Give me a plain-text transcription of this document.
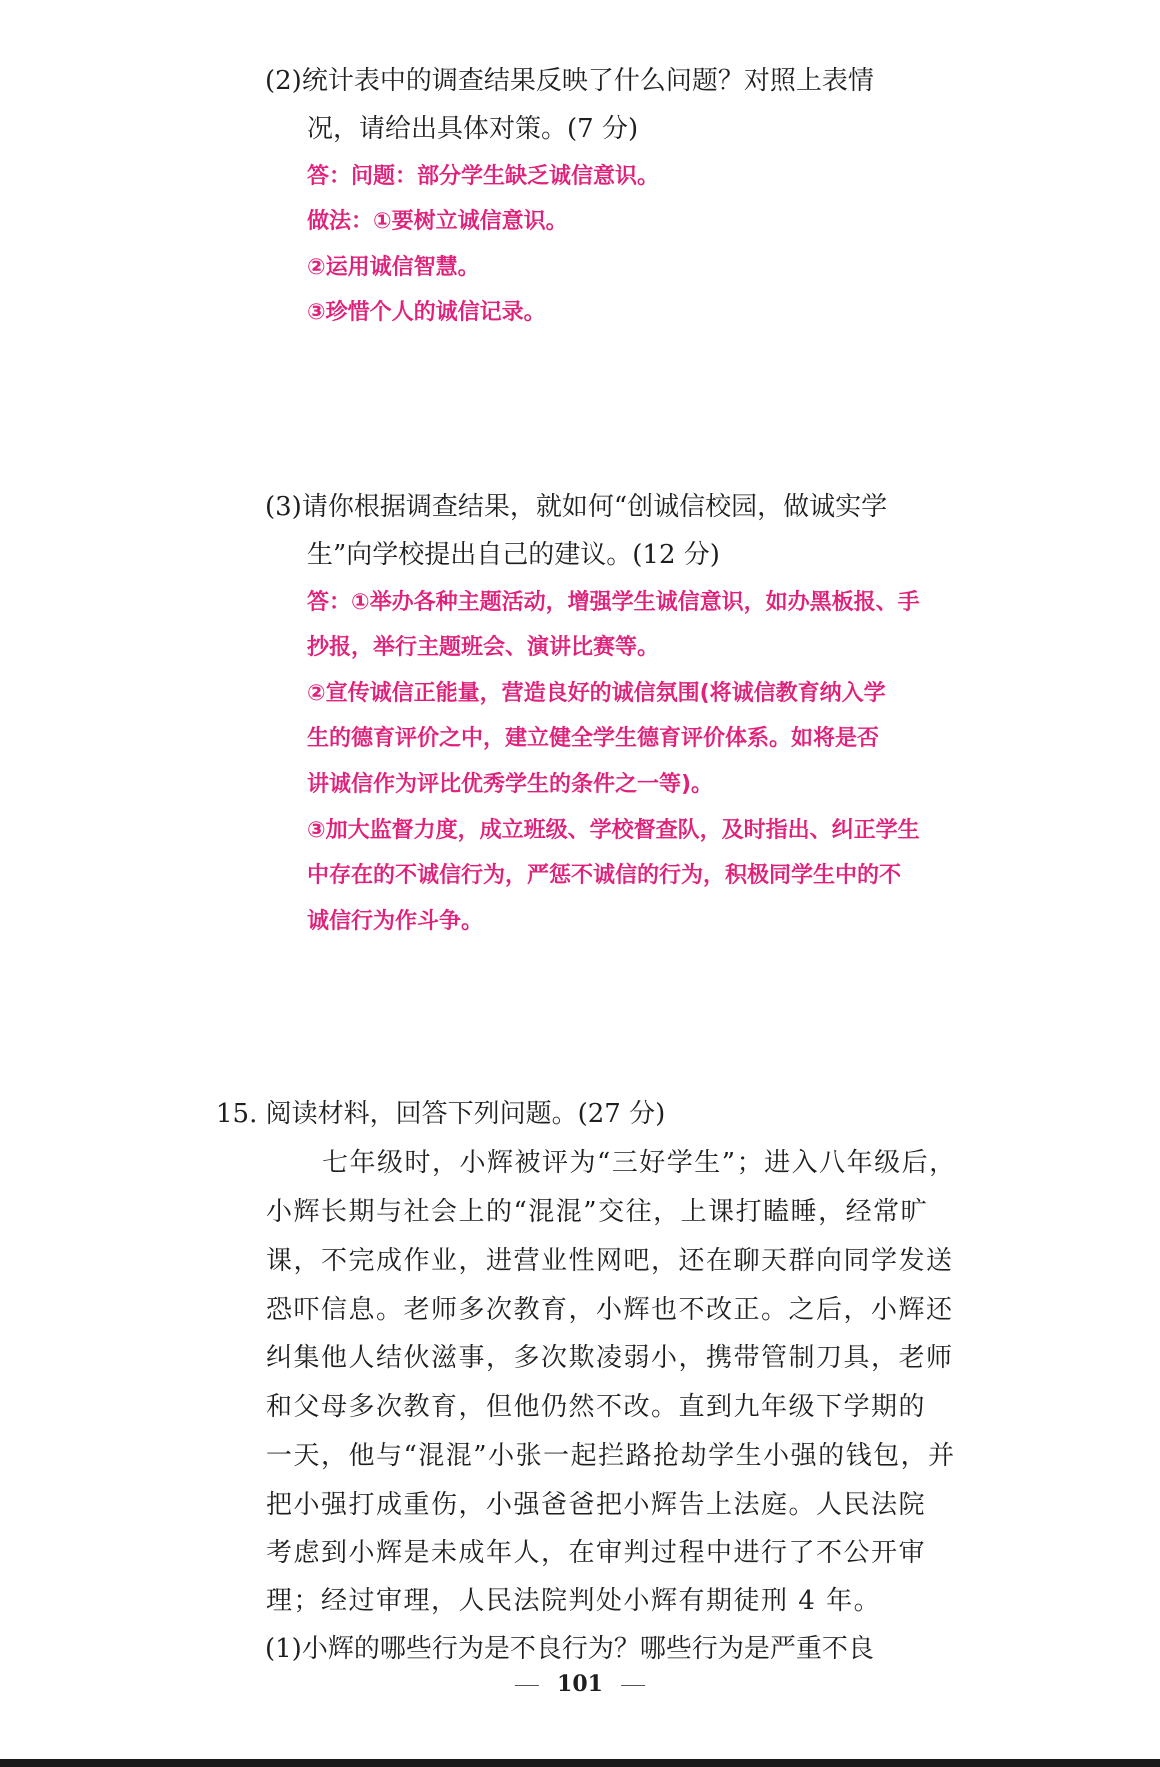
(2)统计表中的调查结果反映了什么问题？对照上表情
况，请给出具体对策。(7 分)
答：问题：部分学生缺乏诚信意识。
做法：①要树立诚信意识。
②运用诚信智慧。
③珍惜个人的诚信记录。
(3)请你根据调查结果，就如何“创诚信校园，做诚实学
生”向学校提出自己的建议。(12 分)
答：①举办各种主题活动，增强学生诚信意识，如办黑板报、手
抄报，举行主题班会、演讲比赛等。
②宣传诚信正能量，营造良好的诚信氛围(将诚信教育纳入学
生的德育评价之中，建立健全学生德育评价体系。如将是否
讲诚信作为评比优秀学生的条件之一等)。
③加大监督力度，成立班级、学校督查队，及时指出、纠正学生
中存在的不诚信行为，严惩不诚信的行为，积极同学生中的不
诚信行为作斗争。
15. 阅读材料，回答下列问题。(27 分)
七年级时，小辉被评为“三好学生”；进入八年级后，
小辉长期与社会上的“混混”交往，上课打瞌睡，经常旷
课，不完成作业，进营业性网吧，还在聊天群向同学发送
恐吓信息。老师多次教育，小辉也不改正。之后，小辉还
纠集他人结伙滋事，多次欺凌弱小，携带管制刀具，老师
和父母多次教育，但他仍然不改。直到九年级下学期的
一天，他与“混混”小张一起拦路抢劫学生小强的钱包，并
把小强打成重伤，小强爸爸把小辉告上法庭。人民法院
考虑到小辉是未成年人，在审判过程中进行了不公开审
理；经过审理，人民法院判处小辉有期徒刑 4 年。
(1)小辉的哪些行为是不良行为？哪些行为是严重不良
101
